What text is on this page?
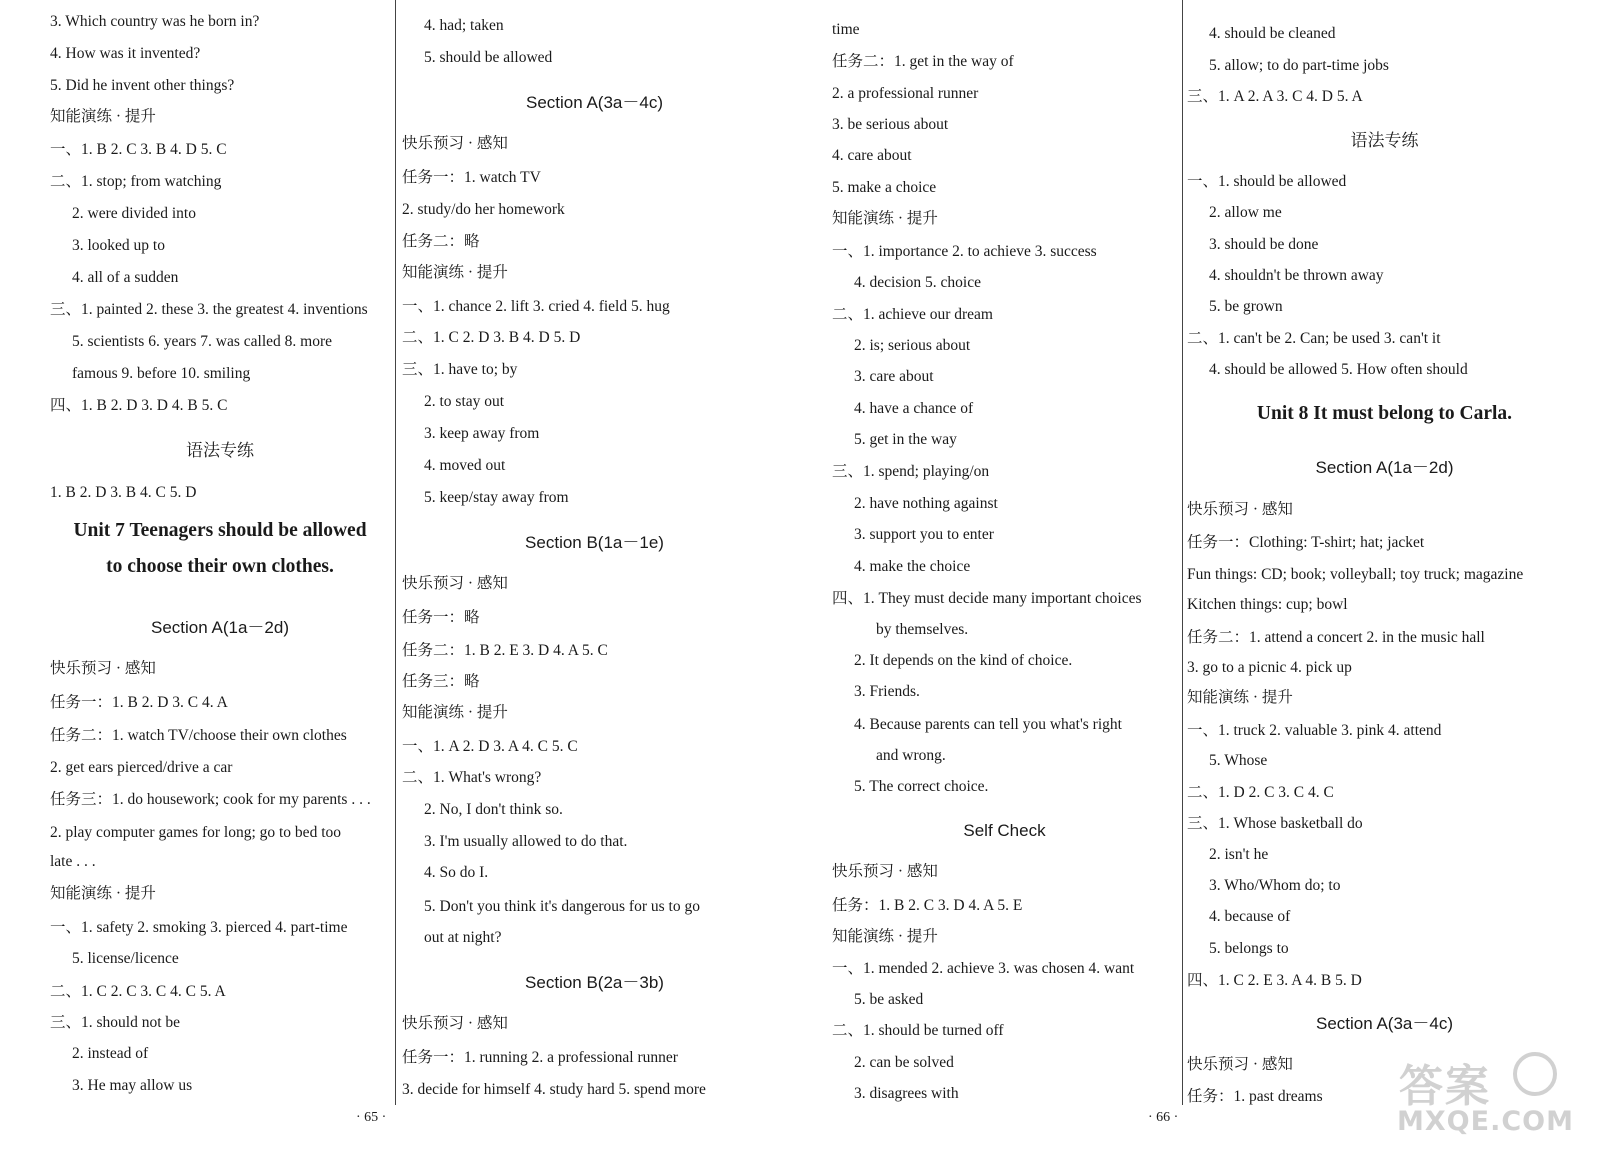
3. Which country was he born in?
4. How was it invented?
5. Did he invent other things?
知能演练 · 提升
一、1. B 2. C 3. B 4. D 5. C
二、1. stop; from watching
2. were divided into
3. looked up to
4. all of a sudden
三、1. painted 2. these 3. the greatest 4. inventions
5. scientists 6. years 7. was called 8. more
famous 9. before 10. smiling
四、1. B 2. D 3. D 4. B 5. C
语法专练
1. B 2. D 3. B 4. C 5. D
Unit 7 Teenagers should be allowed
to choose their own clothes.
Section A(1a－2d)
快乐预习 · 感知
任务一：1. B 2. D 3. C 4. A
任务二：1. watch TV/choose their own clothes
2. get ears pierced/drive a car
任务三：1. do housework; cook for my parents . . .
2. play computer games for long; go to bed too
late . . .
知能演练 · 提升
一、1. safety 2. smoking 3. pierced 4. part-time
5. license/licence
二、1. C 2. C 3. C 4. C 5. A
三、1. should not be
2. instead of
3. He may allow us
4. had; taken
5. should be allowed
Section A(3a－4c)
快乐预习 · 感知
任务一：1. watch TV
2. study/do her homework
任务二：略
知能演练 · 提升
一、1. chance 2. lift 3. cried 4. field 5. hug
二、1. C 2. D 3. B 4. D 5. D
三、1. have to; by
2. to stay out
3. keep away from
4. moved out
5. keep/stay away from
Section B(1a－1e)
快乐预习 · 感知
任务一：略
任务二：1. B 2. E 3. D 4. A 5. C
任务三：略
知能演练 · 提升
一、1. A 2. D 3. A 4. C 5. C
二、1. What's wrong?
2. No, I don't think so.
3. I'm usually allowed to do that.
4. So do I.
5. Don't you think it's dangerous for us to go
out at night?
Section B(2a－3b)
快乐预习 · 感知
任务一：1. running 2. a professional runner
3. decide for himself 4. study hard 5. spend more
time
任务二：1. get in the way of
2. a professional runner
3. be serious about
4. care about
5. make a choice
知能演练 · 提升
一、1. importance 2. to achieve 3. success
4. decision 5. choice
二、1. achieve our dream
2. is; serious about
3. care about
4. have a chance of
5. get in the way
三、1. spend; playing/on
2. have nothing against
3. support you to enter
4. make the choice
四、1. They must decide many important choices
by themselves.
2. It depends on the kind of choice.
3. Friends.
4. Because parents can tell you what's right
and wrong.
5. The correct choice.
Self Check
快乐预习 · 感知
任务：1. B 2. C 3. D 4. A 5. E
知能演练 · 提升
一、1. mended 2. achieve 3. was chosen 4. want
5. be asked
二、1. should be turned off
2. can be solved
3. disagrees with
4. should be cleaned
5. allow; to do part-time jobs
三、1. A 2. A 3. C 4. D 5. A
语法专练
一、1. should be allowed
2. allow me
3. should be done
4. shouldn't be thrown away
5. be grown
二、1. can't be 2. Can; be used 3. can't it
4. should be allowed 5. How often should
Unit 8 It must belong to Carla.
Section A(1a－2d)
快乐预习 · 感知
任务一：Clothing: T-shirt; hat; jacket
Fun things: CD; book; volleyball; toy truck; magazine
Kitchen things: cup; bowl
任务二：1. attend a concert 2. in the music hall
3. go to a picnic 4. pick up
知能演练 · 提升
一、1. truck 2. valuable 3. pink 4. attend
5. Whose
二、1. D 2. C 3. C 4. C
三、1. Whose basketball do
2. isn't he
3. Who/Whom do; to
4. because of
5. belongs to
四、1. C 2. E 3. A 4. B 5. D
Section A(3a－4c)
快乐预习 · 感知
任务：1. past dreams
· 65 ·	· 66 ·
答案
MXQE.COM
